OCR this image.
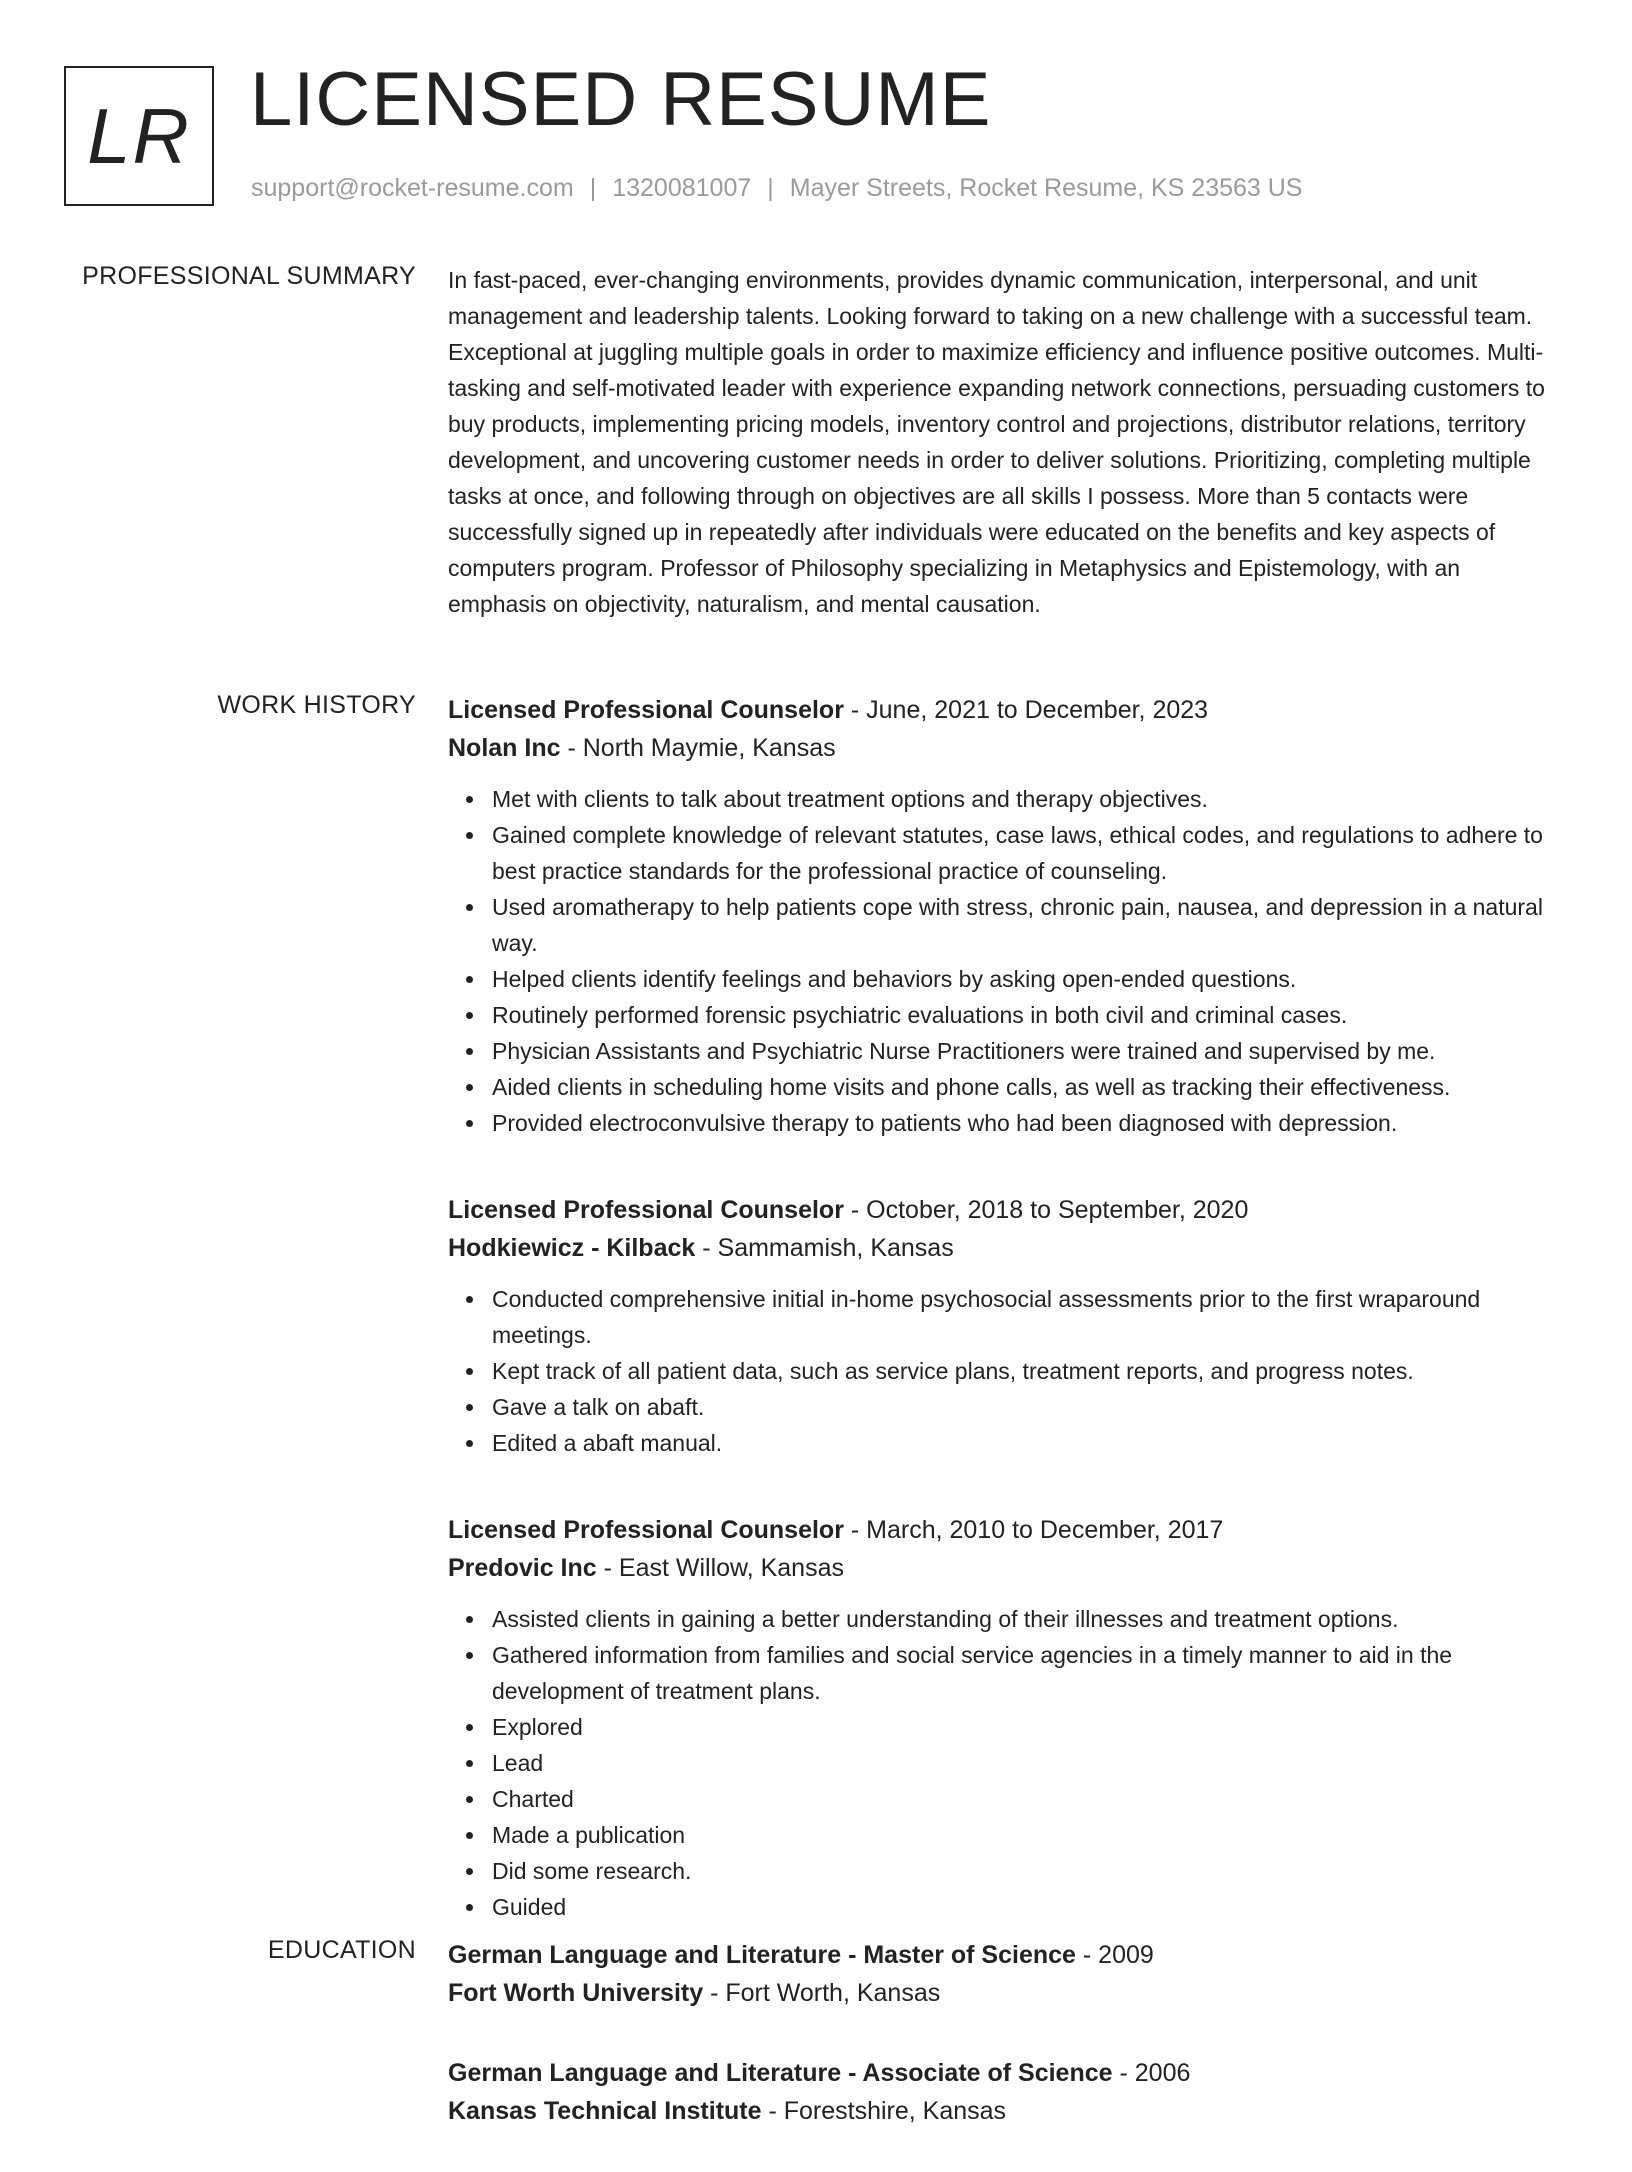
LR LICENSED RESUME
support@rocket-resume.com | 1320081007 | Mayer Streets, Rocket Resume, KS 23563 US
PROFESSIONAL SUMMARY In fast-paced, ever-changing environments, provides dynamic communication, interpersonal, and unit management and leadership talents. Looking forward to taking on a new challenge with a successful team. Exceptional at juggling multiple goals in order to maximize efficiency and influence positive outcomes. Multi-tasking and self-motivated leader with experience expanding network connections, persuading customers to buy products, implementing pricing models, inventory control and projections, distributor relations, territory development, and uncovering customer needs in order to deliver solutions. Prioritizing, completing multiple tasks at once, and following through on objectives are all skills I possess. More than 5 contacts were successfully signed up in repeatedly after individuals were educated on the benefits and key aspects of computers program. Professor of Philosophy specializing in Metaphysics and Epistemology, with an emphasis on objectivity, naturalism, and mental causation.

WORK HISTORY Licensed Professional Counselor - June, 2021 to December, 2023
Nolan Inc - North Maymie, Kansas
Met with clients to talk about treatment options and therapy objectives.
Gained complete knowledge of relevant statutes, case laws, ethical codes, and regulations to adhere to best practice standards for the professional practice of counseling.
Used aromatherapy to help patients cope with stress, chronic pain, nausea, and depression in a natural way.
Helped clients identify feelings and behaviors by asking open-ended questions.
Routinely performed forensic psychiatric evaluations in both civil and criminal cases.
Physician Assistants and Psychiatric Nurse Practitioners were trained and supervised by me.
Aided clients in scheduling home visits and phone calls, as well as tracking their effectiveness.
Provided electroconvulsive therapy to patients who had been diagnosed with depression.
Licensed Professional Counselor - October, 2018 to September, 2020
Hodkiewicz - Kilback - Sammamish, Kansas
Conducted comprehensive initial in-home psychosocial assessments prior to the first wraparound meetings.
Kept track of all patient data, such as service plans, treatment reports, and progress notes.
Gave a talk on abaft.
Edited a abaft manual.
Licensed Professional Counselor - March, 2010 to December, 2017
Predovic Inc - East Willow, Kansas
Assisted clients in gaining a better understanding of their illnesses and treatment options.
Gathered information from families and social service agencies in a timely manner to aid in the development of treatment plans.
Explored
Lead
Charted
Made a publication
Did some research.
Guided
EDUCATION German Language and Literature - Master of Science - 2009
Fort Worth University - Fort Worth, Kansas
German Language and Literature - Associate of Science - 2006
Kansas Technical Institute - Forestshire, Kansas
